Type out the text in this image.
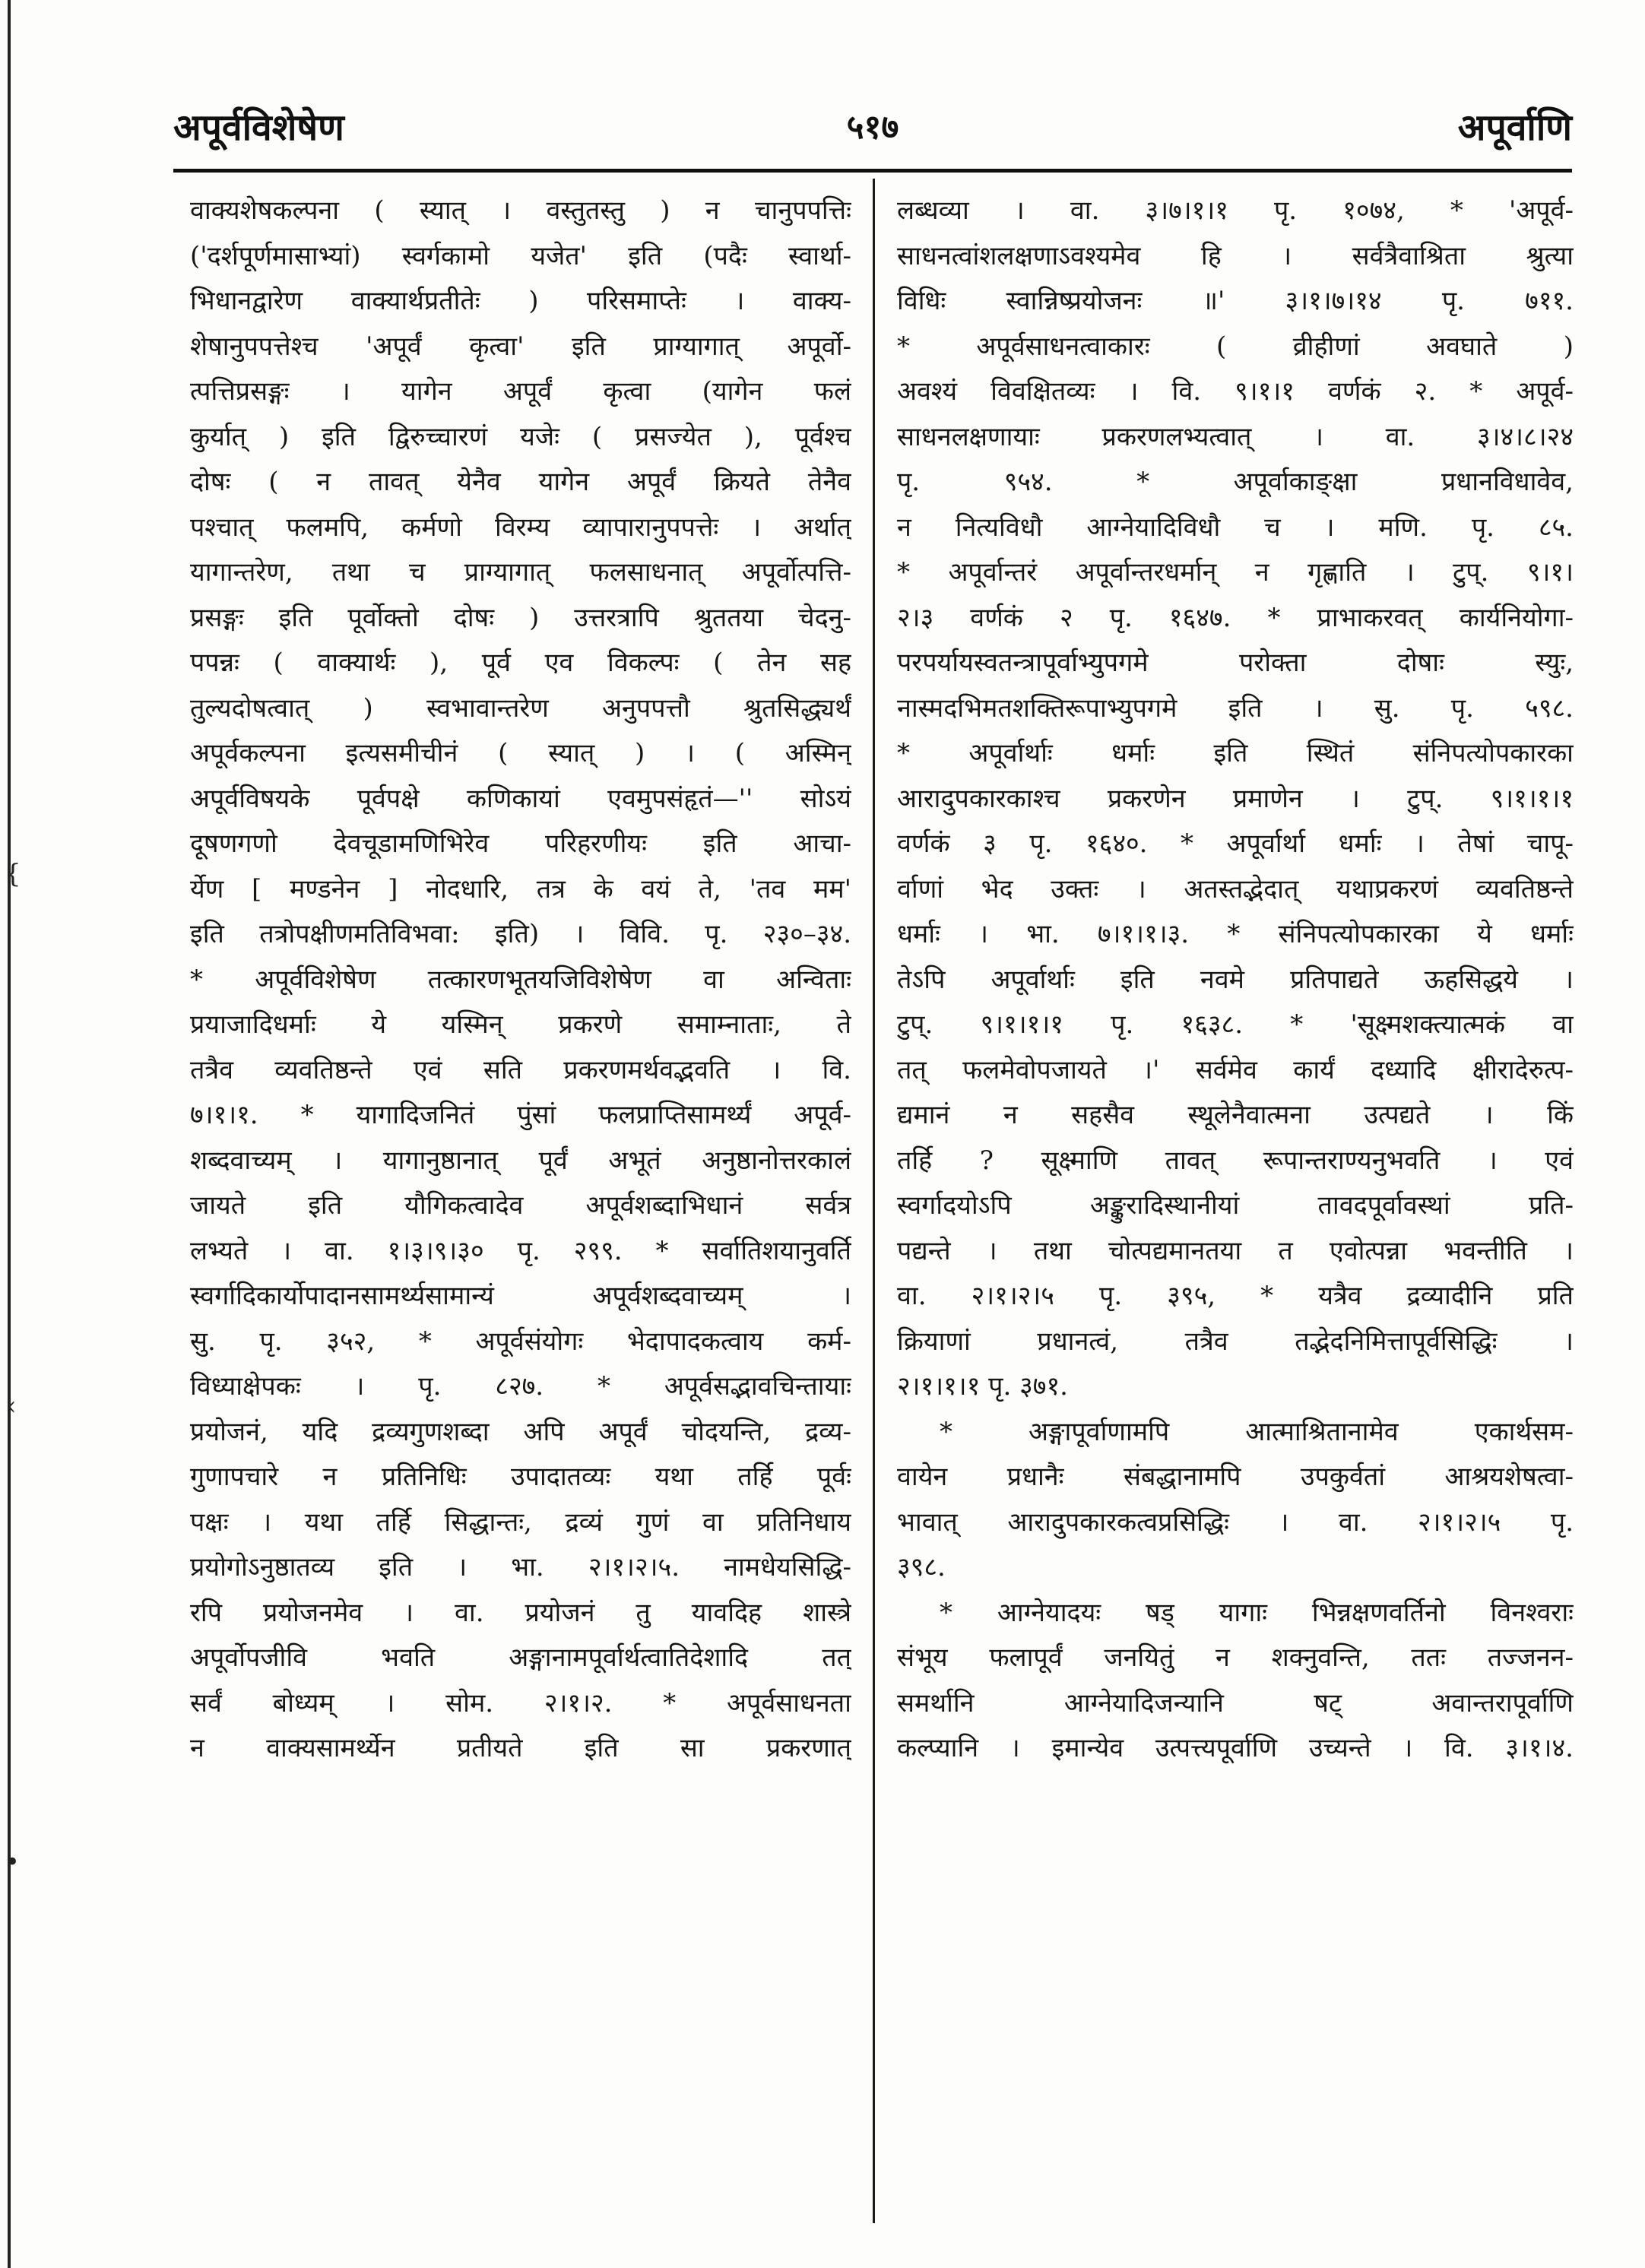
{
‹
•
अपूर्वविशेषेण	५१७	अपूर्वाणि
वाक्यशेषकल्पना ( स्यात् । वस्तुतस्तु ) न चानुपपत्तिः
('दर्शपूर्णमासाभ्यां) स्वर्गकामो यजेत' इति (पदैः स्वार्था-
भिधानद्वारेण वाक्यार्थप्रतीतेः ) परिसमाप्तेः । वाक्य-
शेषानुपपत्तेश्च 'अपूर्वं कृत्वा' इति प्राग्यागात् अपूर्वो-
त्पत्तिप्रसङ्गः । यागेन अपूर्वं कृत्वा (यागेन फलं
कुर्यात् ) इति द्विरुच्चारणं यजेः ( प्रसज्येत ), पूर्वश्च
दोषः ( न तावत् येनैव यागेन अपूर्वं क्रियते तेनैव
पश्चात् फलमपि, कर्मणो विरम्य व्यापारानुपपत्तेः । अर्थात्
यागान्तरेण, तथा च प्राग्यागात् फलसाधनात् अपूर्वोत्पत्ति-
प्रसङ्गः इति पूर्वोक्तो दोषः ) उत्तरत्रापि श्रुततया चेदनु-
पपन्नः ( वाक्यार्थः ), पूर्व एव विकल्पः ( तेन सह
तुल्यदोषत्वात् ) स्वभावान्तरेण अनुपपत्तौ श्रुतसिद्ध्यर्थं
अपूर्वकल्पना इत्यसमीचीनं ( स्यात् ) । ( अस्मिन्
अपूर्वविषयके पूर्वपक्षे कणिकायां एवमुपसंहृतं—'' सोऽयं
दूषणगणो देवचूडामणिभिरेव परिहरणीयः इति आचा-
र्येण [ मण्डनेन ] नोदधारि, तत्र के वयं ते, 'तव मम'
इति तत्रोपक्षीणमतिविभवा: इति) । विवि. पृ. २३०–३४.
* अपूर्वविशेषेण तत्कारणभूतयजिविशेषेण वा अन्विताः
प्रयाजादिधर्माः ये यस्मिन् प्रकरणे समाम्नाताः, ते
तत्रैव व्यवतिष्ठन्ते एवं सति प्रकरणमर्थवद्भवति । वि.
७।१।१. * यागादिजनितं पुंसां फलप्राप्तिसामर्थ्यं अपूर्व-
शब्दवाच्यम् । यागानुष्ठानात् पूर्वं अभूतं अनुष्ठानोत्तरकालं
जायते इति यौगिकत्वादेव अपूर्वशब्दाभिधानं सर्वत्र
लभ्यते । वा. १।३।९।३० पृ. २९९. * सर्वातिशयानुवर्ति
स्वर्गादिकार्योपादानसामर्थ्यसामान्यं अपूर्वशब्दवाच्यम् ।
सु. पृ. ३५२, * अपूर्वसंयोगः भेदापादकत्वाय कर्म-
विध्याक्षेपकः । पृ. ८२७. * अपूर्वसद्भावचिन्तायाः
प्रयोजनं, यदि द्रव्यगुणशब्दा अपि अपूर्वं चोदयन्ति, द्रव्य-
गुणापचारे न प्रतिनिधिः उपादातव्यः यथा तर्हि पूर्वः
पक्षः । यथा तर्हि सिद्धान्तः, द्रव्यं गुणं वा प्रतिनिधाय
प्रयोगोऽनुष्ठातव्य इति । भा. २।१।२।५. नामधेयसिद्धि-
रपि प्रयोजनमेव । वा. प्रयोजनं तु यावदिह शास्त्रे
अपूर्वोपजीवि भवति अङ्गानामपूर्वार्थत्वातिदेशादि तत्
सर्वं बोध्यम् । सोम. २।१।२. * अपूर्वसाधनता
न वाक्यसामर्थ्येन प्रतीयते इति सा प्रकरणात्
लब्धव्या । वा. ३।७।१।१ पृ. १०७४, * 'अपूर्व-
साधनत्वांशलक्षणाऽवश्यमेव हि । सर्वत्रैवाश्रिता श्रुत्या
विधिः स्वान्निष्प्रयोजनः ॥' ३।१।७।१४ पृ. ७११.
* अपूर्वसाधनत्वाकारः ( व्रीहीणां अवघाते )
अवश्यं विवक्षितव्यः । वि. ९।१।१ वर्णकं २. * अपूर्व-
साधनलक्षणायाः प्रकरणलभ्यत्वात् । वा. ३।४।८।२४
पृ. ९५४. * अपूर्वाकाङ्क्षा प्रधानविधावेव,
न नित्यविधौ आग्नेयादिविधौ च । मणि. पृ. ८५.
* अपूर्वान्तरं अपूर्वान्तरधर्मान् न गृह्णाति । टुप्. ९।१।
२।३ वर्णकं २ पृ. १६४७. * प्राभाकरवत् कार्यनियोगा-
परपर्यायस्वतन्त्रापूर्वाभ्युपगमे परोक्ता दोषाः स्युः,
नास्मदभिमतशक्तिरूपाभ्युपगमे इति । सु. पृ. ५९८.
* अपूर्वार्थाः धर्माः इति स्थितं संनिपत्योपकारका
आराद‍ुपकारकाश्च प्रकरणेन प्रमाणेन । टुप्. ९।१।१।१
वर्णकं ३ पृ. १६४०. * अपूर्वार्था धर्माः । तेषां चापू-
र्वाणां भेद उक्तः । अतस्तद्भेदात् यथाप्रकरणं व्यवतिष्ठन्ते
धर्माः । भा. ७।१।१।३. * संनिपत्योपकारका ये धर्माः
तेऽपि अपूर्वार्थाः इति नवमे प्रतिपाद्यते ऊहसिद्धये ।
टुप्. ९।१।१।१ पृ. १६३८. * 'सूक्ष्मशक्त्यात्मकं वा
तत् फलमेवोपजायते ।' सर्वमेव कार्यं दध्यादि क्षीरादेरुत्प-
द्यमानं न सहसैव स्थूलेनैवात्मना उत्पद्यते । किं
तर्हि ? सूक्ष्माणि तावत् रूपान्तराण्यनुभवति । एवं
स्वर्गादयोऽपि अङ्कुरादिस्थानीयां तावदपूर्वावस्थां प्रति-
पद्यन्ते । तथा चोत्पद्यमानतया त एवोत्पन्ना भवन्तीति ।
वा. २।१।२।५ पृ. ३९५, * यत्रैव द्रव्यादीनि प्रति
क्रियाणां प्रधानत्वं, तत्रैव तद्भेदनिमित्तापूर्वसिद्धिः ।
२।१।१।१ पृ. ३७१.
* अङ्गापूर्वाणामपि आत्माश्रितानामेव एकार्थसम-
वायेन प्रधानैः संबद्धानामपि उपकुर्वतां आश्रयशेषत्वा-
भावात् आराद‍ुपकारकत्वप्रसिद्धिः । वा. २।१।२।५ पृ.
३९८.
* आग्नेयादयः षड् यागाः भिन्नक्षणवर्तिनो विनश्वराः
संभूय फलापूर्वं जनयितुं न शक्नुवन्ति, ततः तज्जनन-
समर्थानि आग्नेयादिजन्यानि षट् अवान्तरापूर्वाणि
कल्प्यानि । इमान्येव उत्पत्त्यपूर्वाणि उच्यन्ते । वि. ३।१।४.
